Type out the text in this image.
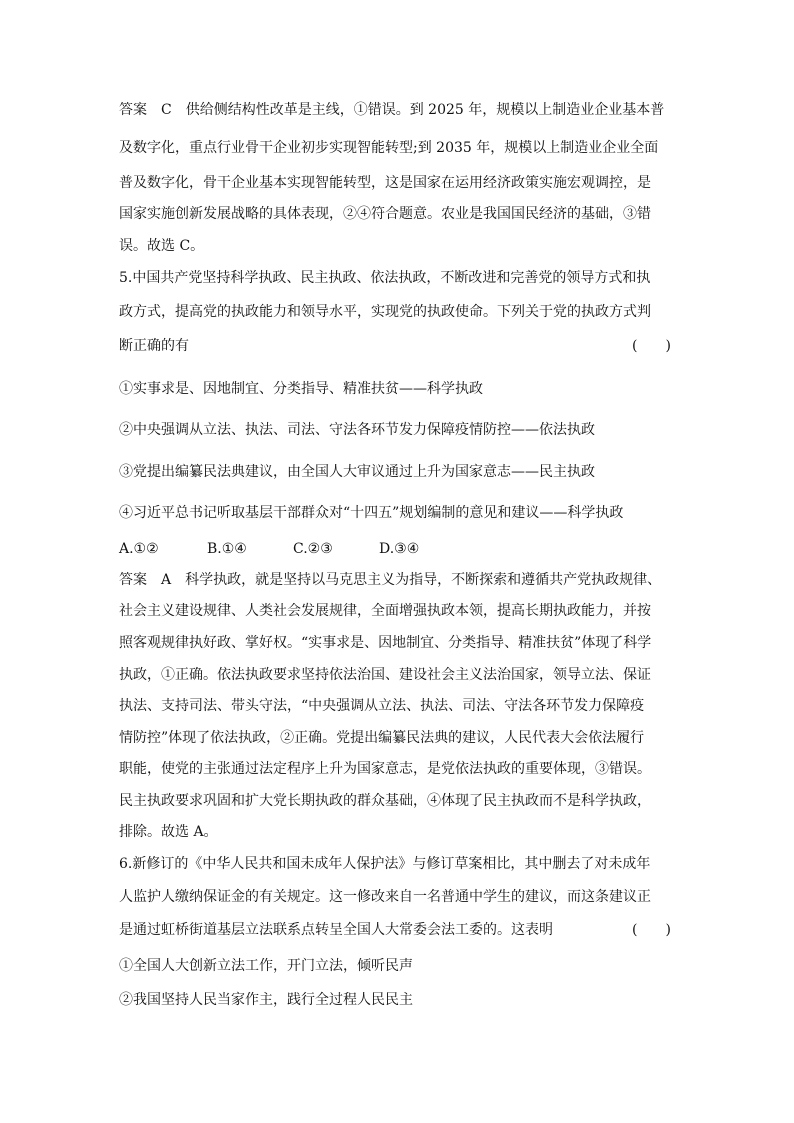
答案　C　供给侧结构性改革是主线，①错误。到 2025 年，规模以上制造业企业基本普
及数字化，重点行业骨干企业初步实现智能转型;到 2035 年，规模以上制造业企业全面
普及数字化，骨干企业基本实现智能转型，这是国家在运用经济政策实施宏观调控，是
国家实施创新发展战略的具体表现，②④符合题意。农业是我国国民经济的基础，③错
误。故选 C。
5.中国共产党坚持科学执政、民主执政、依法执政，不断改进和完善党的领导方式和执
政方式，提高党的执政能力和领导水平，实现党的执政使命。下列关于党的执政方式判
断正确的有	(　　)
①实事求是、因地制宜、分类指导、精准扶贫——科学执政
②中央强调从立法、执法、司法、守法各环节发力保障疫情防控——依法执政
③党提出编纂民法典建议，由全国人大审议通过上升为国家意志——民主执政
④习近平总书记听取基层干部群众对“十四五”规划编制的意见和建议——科学执政
A.①②	B.①④	C.②③	D.③④
答案　A　科学执政，就是坚持以马克思主义为指导，不断探索和遵循共产党执政规律、
社会主义建设规律、人类社会发展规律，全面增强执政本领，提高长期执政能力，并按
照客观规律执好政、掌好权。“实事求是、因地制宜、分类指导、精准扶贫”体现了科学
执政，①正确。依法执政要求坚持依法治国、建设社会主义法治国家，领导立法、保证
执法、支持司法、带头守法，“中央强调从立法、执法、司法、守法各环节发力保障疫
情防控”体现了依法执政，②正确。党提出编纂民法典的建议，人民代表大会依法履行
职能，使党的主张通过法定程序上升为国家意志，是党依法执政的重要体现，③错误。
民主执政要求巩固和扩大党长期执政的群众基础，④体现了民主执政而不是科学执政，
排除。故选 A。
6.新修订的《中华人民共和国未成年人保护法》与修订草案相比，其中删去了对未成年
人监护人缴纳保证金的有关规定。这一修改来自一名普通中学生的建议，而这条建议正
是通过虹桥街道基层立法联系点转呈全国人大常委会法工委的。这表明	(　　)
①全国人大创新立法工作，开门立法，倾听民声
②我国坚持人民当家作主，践行全过程人民民主
